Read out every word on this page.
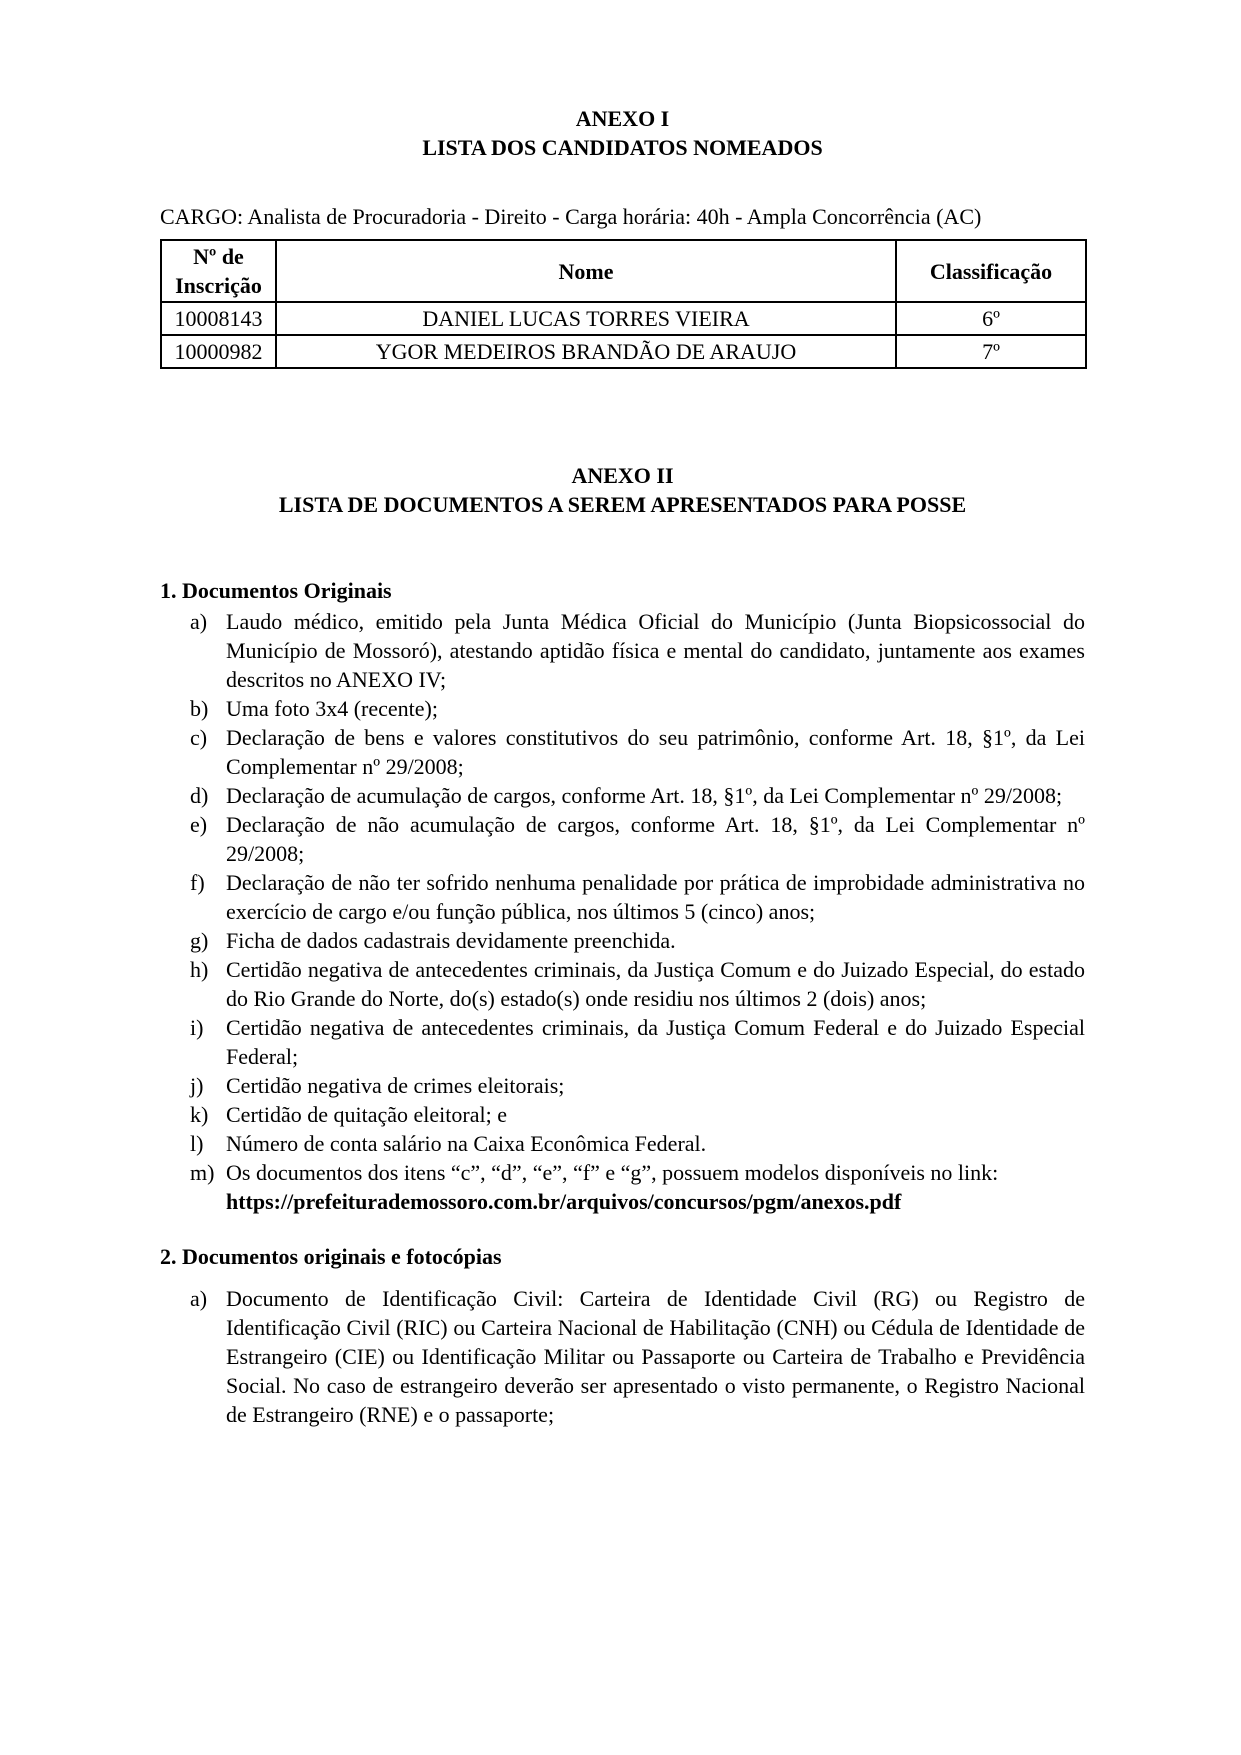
ANEXO I
LISTA DOS CANDIDATOS NOMEADOS

CARGO: Analista de Procuradoria - Direito - Carga horária: 40h - Ampla Concorrência (AC)

Nº de Inscrição	Nome	Classificação
10008143	DANIEL LUCAS TORRES VIEIRA	6º
10000982	YGOR MEDEIROS BRANDÃO DE ARAUJO	7º
ANEXO II
LISTA DE DOCUMENTOS A SEREM APRESENTADOS PARA POSSE
1. Documentos Originais
a) Laudo médico, emitido pela Junta Médica Oficial do Município (Junta Biopsicossocial do Município de Mossoró), atestando aptidão física e mental do candidato, juntamente aos exames descritos no ANEXO IV;
b) Uma foto 3x4 (recente);
c) Declaração de bens e valores constitutivos do seu patrimônio, conforme Art. 18, §1º, da Lei Complementar nº 29/2008;
d) Declaração de acumulação de cargos, conforme Art. 18, §1º, da Lei Complementar nº 29/2008;
e) Declaração de não acumulação de cargos, conforme Art. 18, §1º, da Lei Complementar nº 29/2008;
f) Declaração de não ter sofrido nenhuma penalidade por prática de improbidade administrativa no exercício de cargo e/ou função pública, nos últimos 5 (cinco) anos;
g) Ficha de dados cadastrais devidamente preenchida.
h) Certidão negativa de antecedentes criminais, da Justiça Comum e do Juizado Especial, do estado do Rio Grande do Norte, do(s) estado(s) onde residiu nos últimos 2 (dois) anos;
i)	Certidão negativa de antecedentes criminais, da Justiça Comum Federal e do Juizado Especial Federal;
j)	Certidão negativa de crimes eleitorais;
k) Certidão de quitação eleitoral; e
l)	Número de conta salário na Caixa Econômica Federal.
m) Os documentos dos itens “c”, “d”, “e”, “f” e “g”, possuem modelos disponíveis no link:
https://prefeiturademossoro.com.br/arquivos/concursos/pgm/anexos.pdf
2. Documentos originais e fotocópias
a) Documento de Identificação Civil: Carteira de Identidade Civil (RG) ou Registro de Identificação Civil (RIC) ou Carteira Nacional de Habilitação (CNH) ou Cédula de Identidade de Estrangeiro (CIE) ou Identificação Militar ou Passaporte ou Carteira de Trabalho e Previdência Social. No caso de estrangeiro deverão ser apresentado o visto permanente, o Registro Nacional de Estrangeiro (RNE) e o passaporte;
